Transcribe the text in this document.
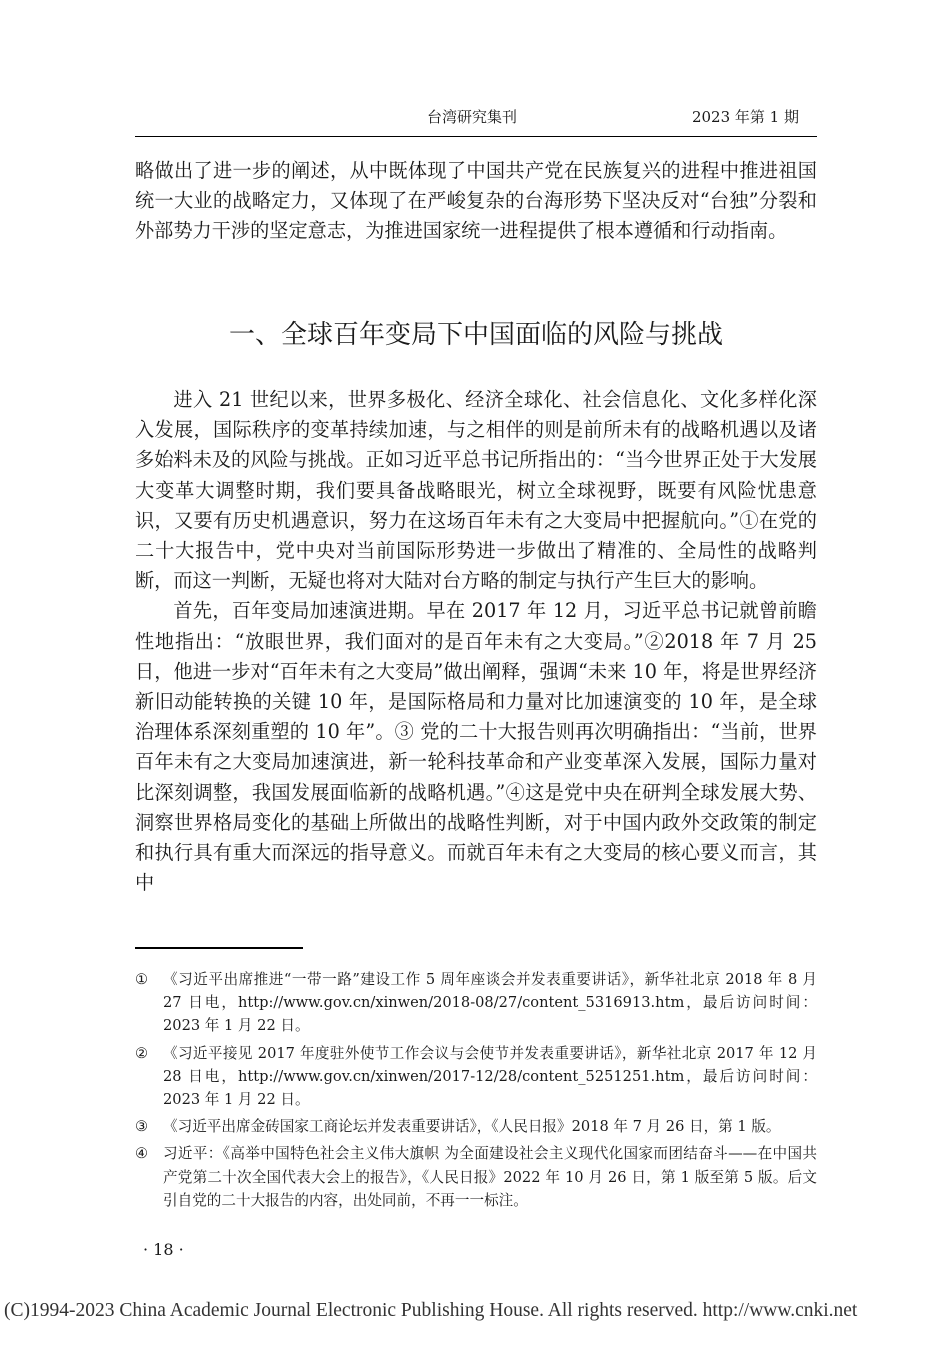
台湾研究集刊	2023 年第 1 期

略做出了进一步的阐述，从中既体现了中国共产党在民族复兴的进程中推进祖国统一大业的战略定力，又体现了在严峻复杂的台海形势下坚决反对“台独”分裂和外部势力干涉的坚定意志，为推进国家统一进程提供了根本遵循和行动指南。

一、全球百年变局下中国面临的风险与挑战

进入 21 世纪以来，世界多极化、经济全球化、社会信息化、文化多样化深入发展，国际秩序的变革持续加速，与之相伴的则是前所未有的战略机遇以及诸多始料未及的风险与挑战。正如习近平总书记所指出的：“当今世界正处于大发展大变革大调整时期，我们要具备战略眼光，树立全球视野，既要有风险忧患意识，又要有历史机遇意识，努力在这场百年未有之大变局中把握航向。”①在党的二十大报告中，党中央对当前国际形势进一步做出了精准的、全局性的战略判断，而这一判断，无疑也将对大陆对台方略的制定与执行产生巨大的影响。

首先，百年变局加速演进期。早在 2017 年 12 月，习近平总书记就曾前瞻性地指出：“放眼世界，我们面对的是百年未有之大变局。”②2018 年 7 月 25 日，他进一步对“百年未有之大变局”做出阐释，强调“未来 10 年，将是世界经济新旧动能转换的关键 10 年，是国际格局和力量对比加速演变的 10 年，是全球治理体系深刻重塑的 10 年”。③ 党的二十大报告则再次明确指出：“当前，世界百年未有之大变局加速演进，新一轮科技革命和产业变革深入发展，国际力量对比深刻调整，我国发展面临新的战略机遇。”④这是党中央在研判全球发展大势、洞察世界格局变化的基础上所做出的战略性判断，对于中国内政外交政策的制定和执行具有重大而深远的指导意义。而就百年未有之大变局的核心要义而言，其中

① 《习近平出席推进“一带一路”建设工作 5 周年座谈会并发表重要讲话》，新华社北京 2018 年 8 月 27 日电，http://www.gov.cn/xinwen/2018-08/27/content_5316913.htm，最后访问时间：2023 年 1 月 22 日。
② 《习近平接见 2017 年度驻外使节工作会议与会使节并发表重要讲话》，新华社北京 2017 年 12 月 28 日电，http://www.gov.cn/xinwen/2017-12/28/content_5251251.htm，最后访问时间：2023 年 1 月 22 日。
③ 《习近平出席金砖国家工商论坛并发表重要讲话》，《人民日报》2018 年 7 月 26 日，第 1 版。
④ 习近平：《高举中国特色社会主义伟大旗帜 为全面建设社会主义现代化国家而团结奋斗——在中国共产党第二十次全国代表大会上的报告》，《人民日报》2022 年 10 月 26 日，第 1 版至第 5 版。后文引自党的二十大报告的内容，出处同前，不再一一标注。
· 18 ·
(C)1994-2023 China Academic Journal Electronic Publishing House. All rights reserved. http://www.cnki.net
